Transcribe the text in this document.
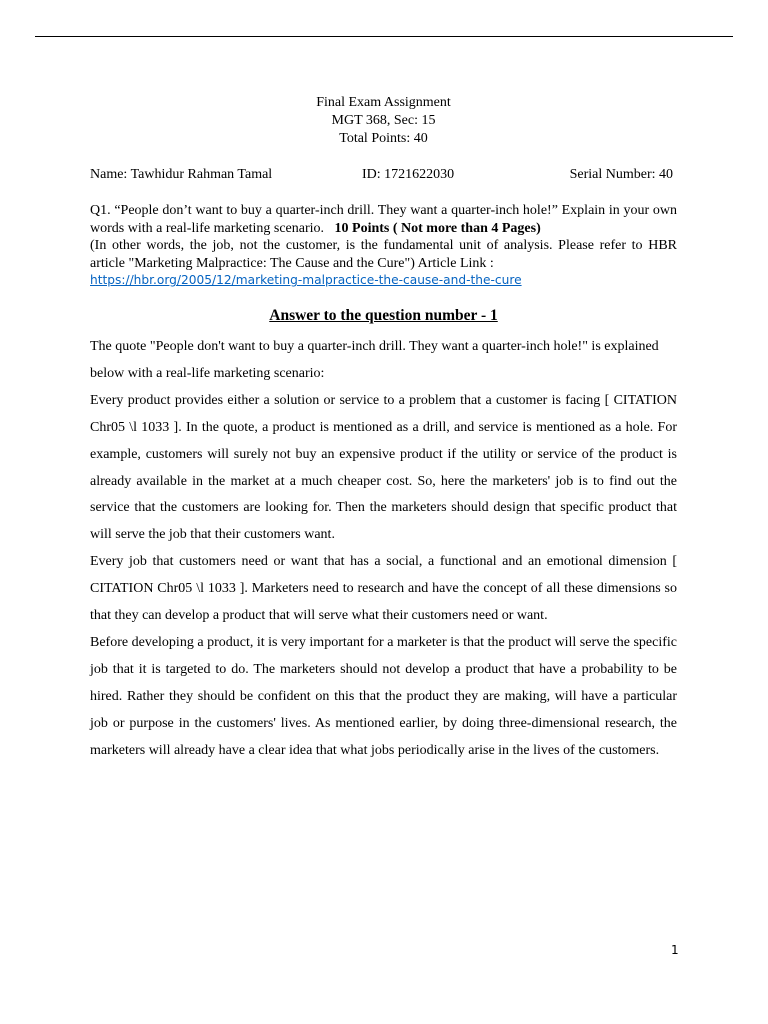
Final Exam Assignment
MGT 368, Sec: 15
Total Points: 40
Name: Tawhidur Rahman Tamal	ID: 1721622030	Serial Number: 40
Q1. “People don’t want to buy a quarter-inch drill. They want a quarter-inch hole!” Explain in your own words with a real-life marketing scenario. 10 Points ( Not more than 4 Pages)
(In other words, the job, not the customer, is the fundamental unit of analysis. Please refer to HBR article "Marketing Malpractice: The Cause and the Cure") Article Link :
https://hbr.org/2005/12/marketing-malpractice-the-cause-and-the-cure
Answer to the question number - 1

The quote "People don't want to buy a quarter-inch drill. They want a quarter-inch hole!" is explained below with a real-life marketing scenario:

Every product provides either a solution or service to a problem that a customer is facing [ CITATION Chr05 \l 1033 ]. In the quote, a product is mentioned as a drill, and service is mentioned as a hole. For example, customers will surely not buy an expensive product if the utility or service of the product is already available in the market at a much cheaper cost. So, here the marketers' job is to find out the service that the customers are looking for. Then the marketers should design that specific product that will serve the job that their customers want.

Every job that customers need or want that has a social, a functional and an emotional dimension [ CITATION Chr05 \l 1033 ]. Marketers need to research and have the concept of all these dimensions so that they can develop a product that will serve what their customers need or want.

Before developing a product, it is very important for a marketer is that the product will serve the specific job that it is targeted to do. The marketers should not develop a product that have a probability to be hired. Rather they should be confident on this that the product they are making, will have a particular job or purpose in the customers' lives. As mentioned earlier, by doing three-dimensional research, the marketers will already have a clear idea that what jobs periodically arise in the lives of the customers.

1
